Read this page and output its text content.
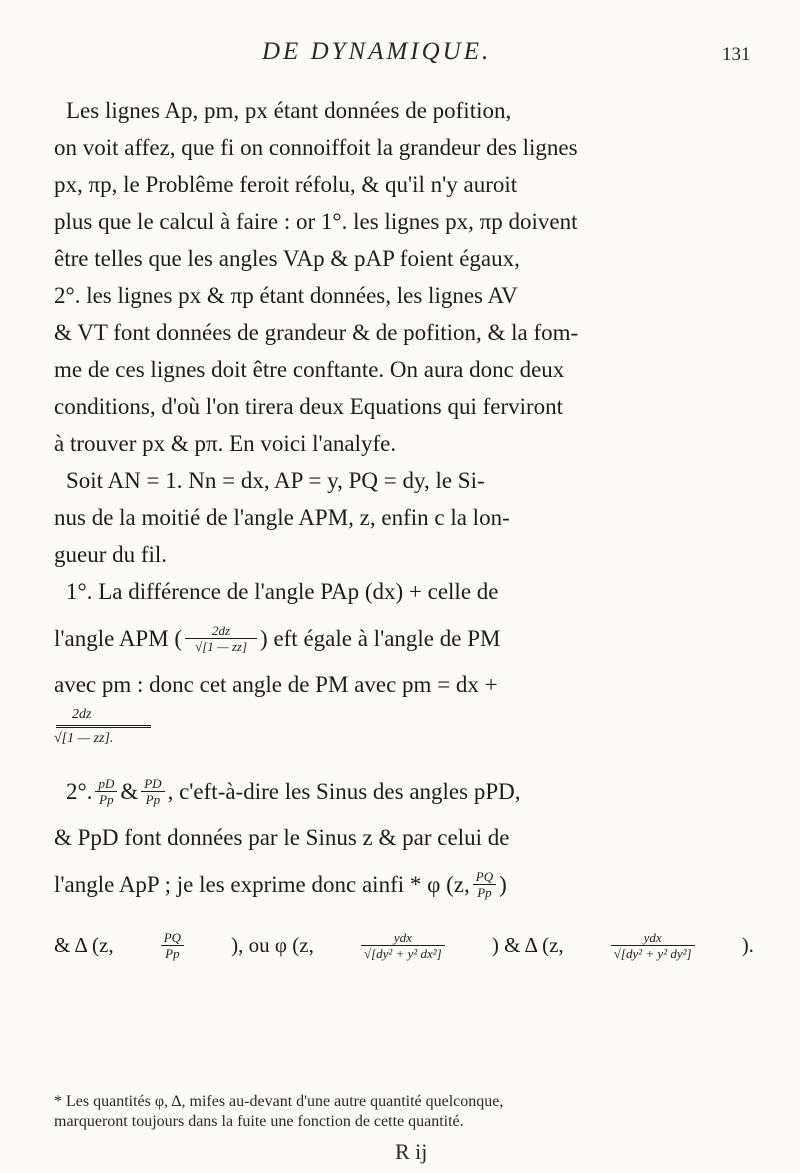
DE DYNAMIQUE.	131
Les lignes Ap, pm, px étant données de pofition,
on voit affez, que fi on connoiffoit la grandeur des lignes
px, πp, le Problême feroit réfolu, & qu'il n'y auroit
plus que le calcul à faire : or 1°. les lignes px, πp doivent
être telles que les angles VAp & pAP foient égaux,
2°. les lignes px & πp étant données, les lignes AV
& VT font données de grandeur & de pofition, & la fom-
me de ces lignes doit être conftante. On aura donc deux
conditions, d'où l'on tirera deux Equations qui ferviront
à trouver px & pπ. En voici l'analyfe.
Soit AN = 1. Nn = dx, AP = y, PQ = dy, le Si-
nus de la moitié de l'angle APM, z, enfin c la lon-
gueur du fil.
1°. La différence de l'angle PAp (dx) + celle de
l'angle APM ( $\frac{2dz}{√[1 — zz]}$ ) eft égale à l'angle de PM
avec pm : donc cet angle de PM avec pm = dx +
2dz
√[1 — zz].
2°. $\frac{pD}{Pp}$ & $\frac{PD}{Pp}$ , c'eft-à-dire les Sinus des angles pPD,
& PpD font données par le Sinus z & par celui de
l'angle ApP ; je les exprime donc ainfi * φ (z, $\frac{PQ}{Pp}$ )
& Δ (z,	$\frac{PQ}{Pp}$ ), ou φ (z,	$\frac{\text{ydx}}{\text{√[dy² + y² dx²]}}$ ) & Δ (z,	$\frac{\text{ydx}}{\text{√[dy² + y² dy²]}}$ ).
* Les quantités φ, Δ, mifes au-devant d'une autre quantité quelconque,
marqueront toujours dans la fuite une fonction de cette quantité.
R ij
